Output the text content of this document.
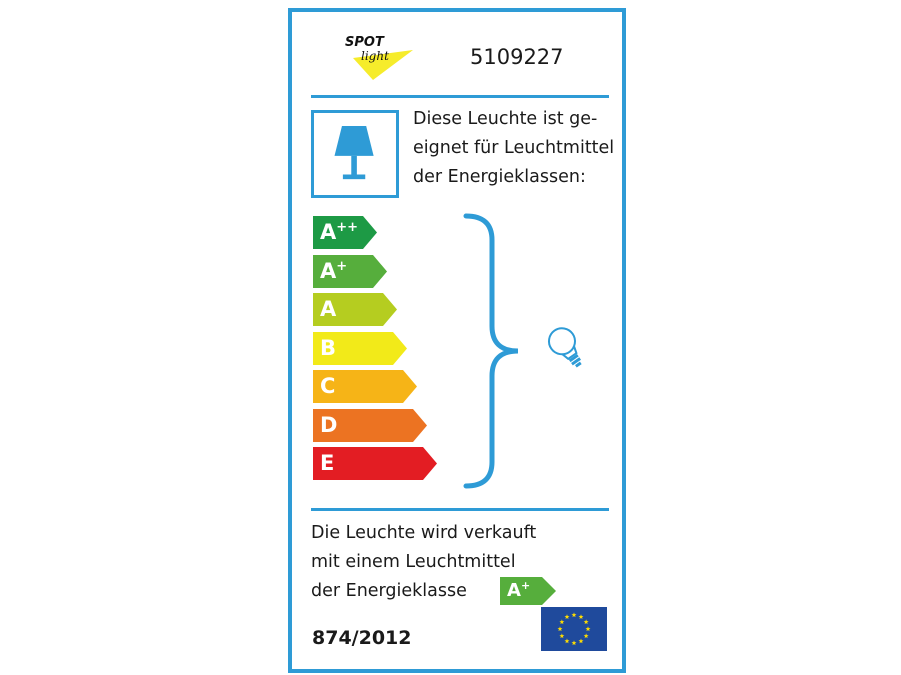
SPOT
light	5109227
Diese Leuchte ist ge-
eignet für Leuchtmittel
der Energieklassen:
A++
A+
A
B
C
D
E
Die Leuchte wird verkauft
mit einem Leuchtmittel
der Energieklasse	A+
874/2012
